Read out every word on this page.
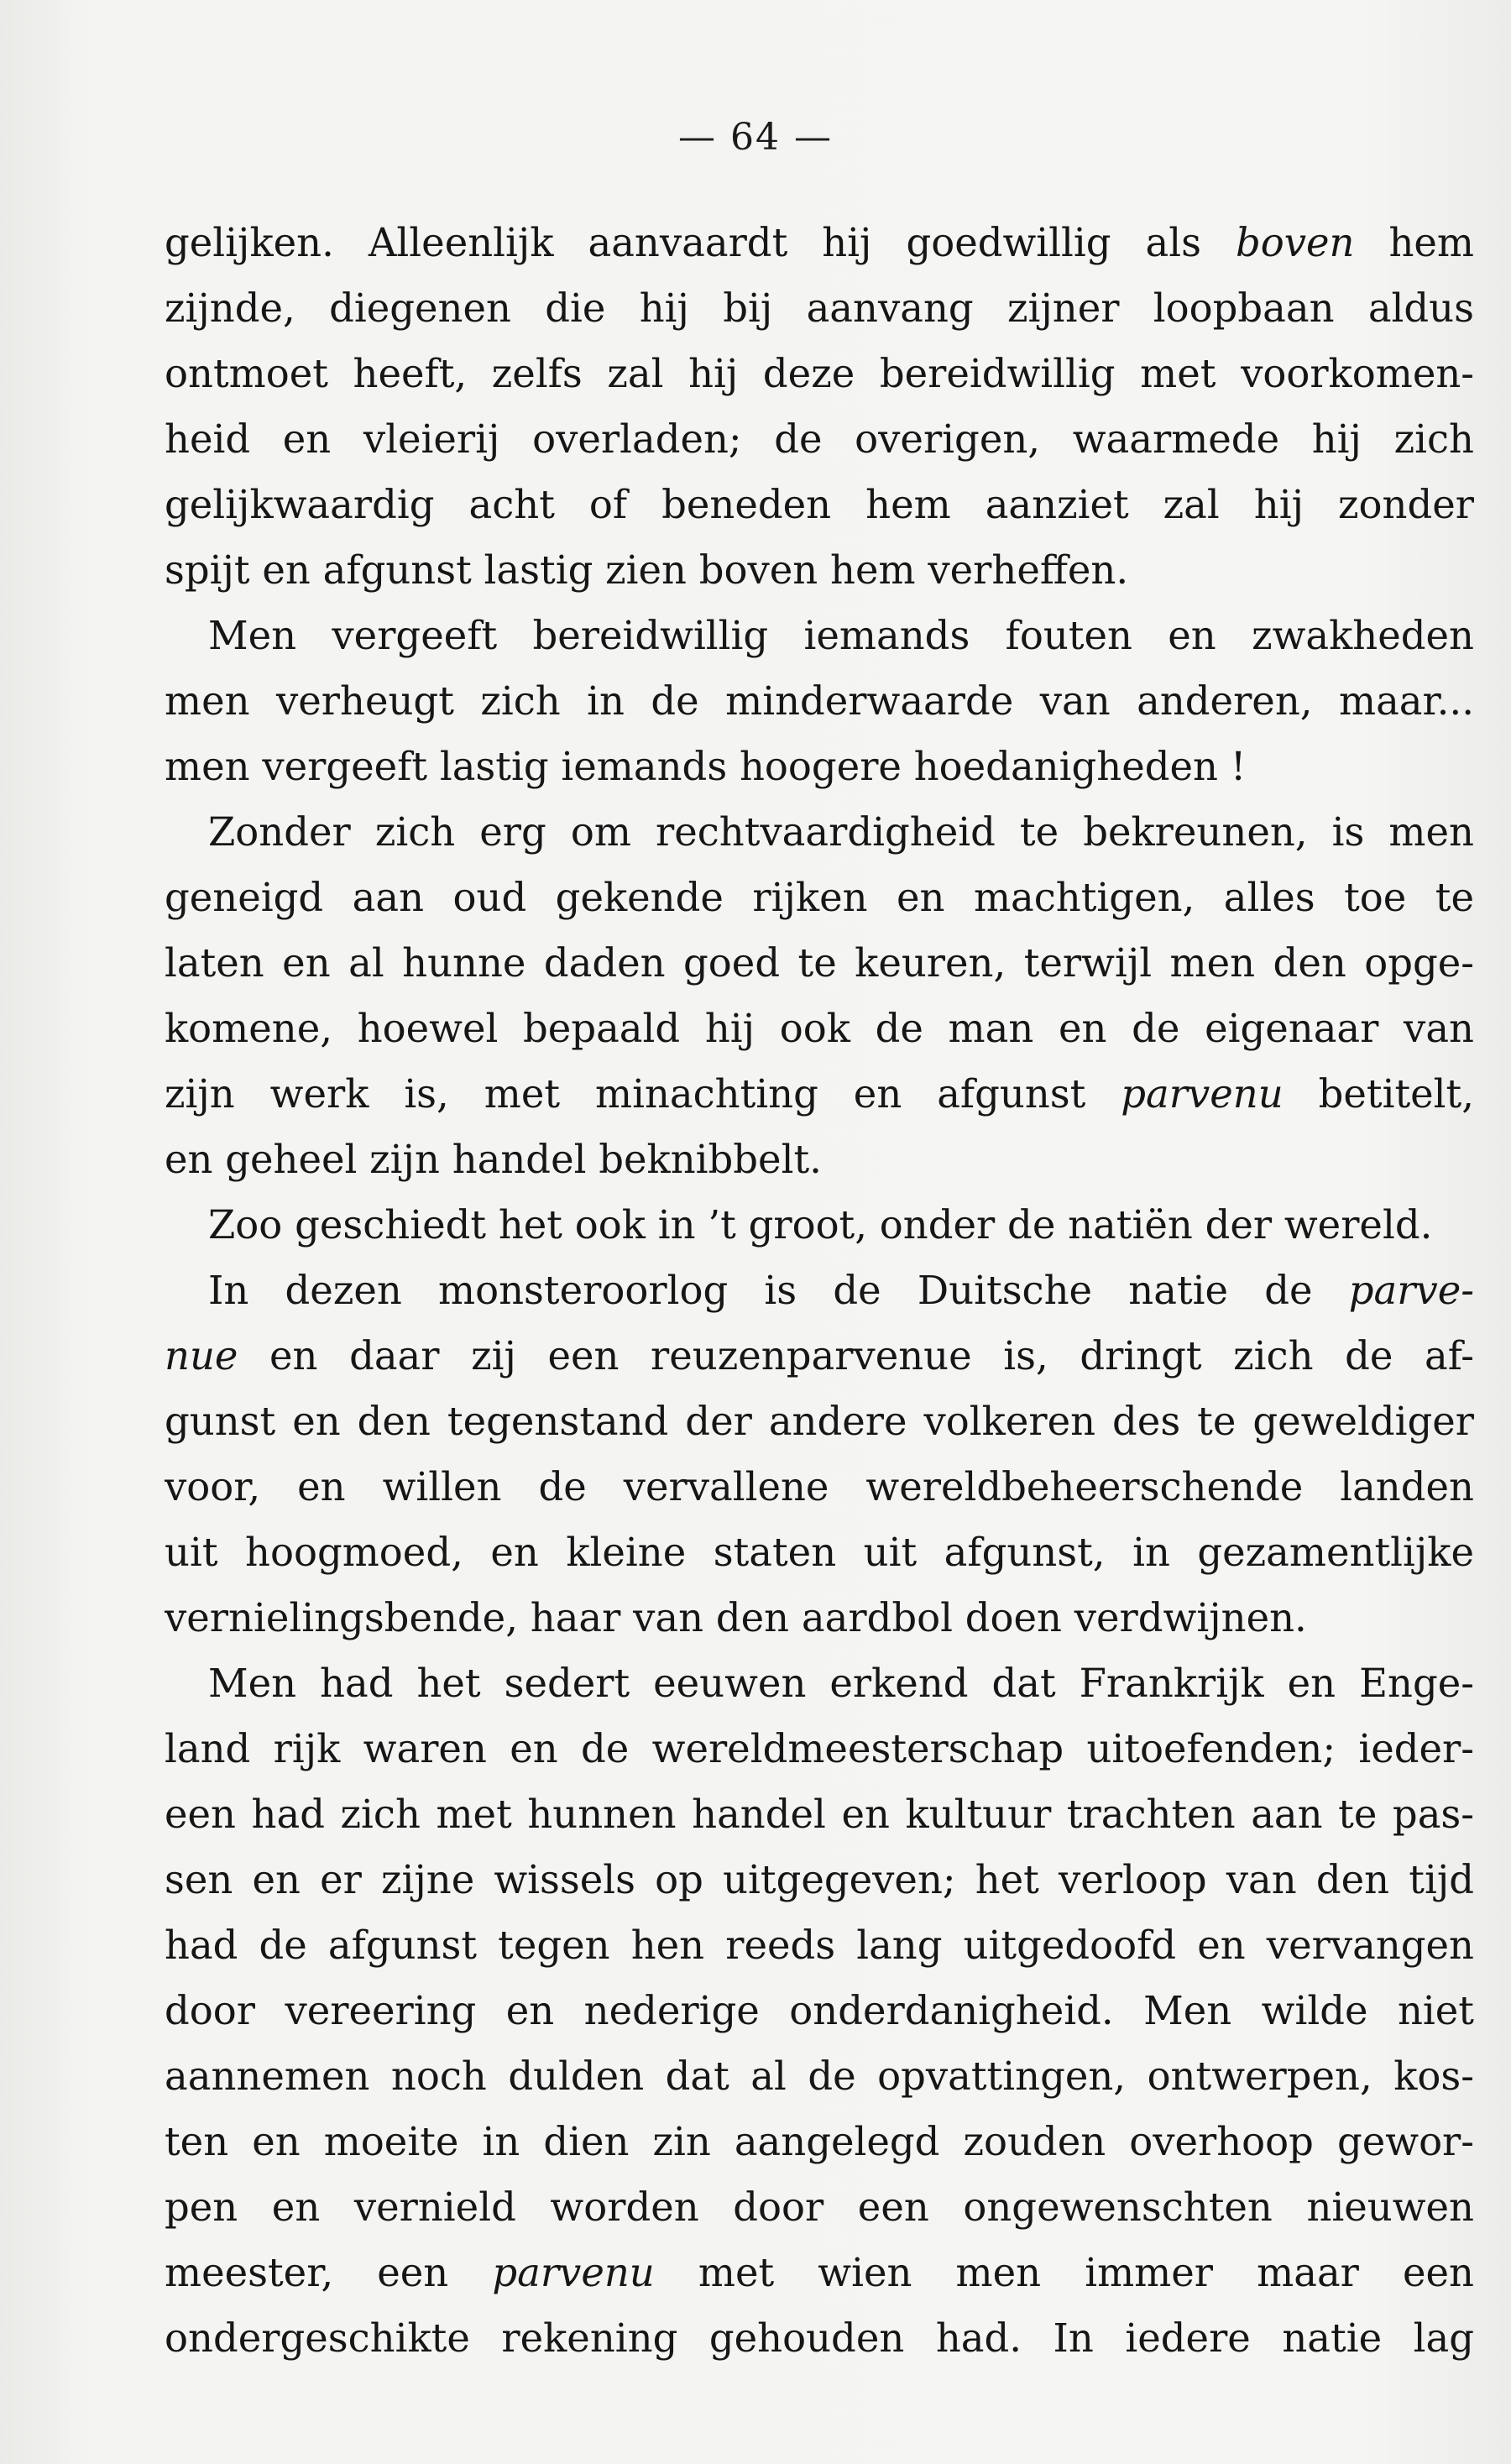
— 64 —
gelijken. Alleenlijk aanvaardt hij goedwillig als boven hem
zijnde, diegenen die hij bij aanvang zijner loopbaan aldus
ontmoet heeft, zelfs zal hij deze bereidwillig met voorkomen-
heid en vleierij overladen; de overigen, waarmede hij zich
gelijkwaardig acht of beneden hem aanziet zal hij zonder
spijt en afgunst lastig zien boven hem verheffen.
Men vergeeft bereidwillig iemands fouten en zwakheden
men verheugt zich in de minderwaarde van anderen, maar...
men vergeeft lastig iemands hoogere hoedanigheden !
Zonder zich erg om rechtvaardigheid te bekreunen, is men
geneigd aan oud gekende rijken en machtigen, alles toe te
laten en al hunne daden goed te keuren, terwijl men den opge-
komene, hoewel bepaald hij ook de man en de eigenaar van
zijn werk is, met minachting en afgunst parvenu betitelt,
en geheel zijn handel beknibbelt.
Zoo geschiedt het ook in ’t groot, onder de natiën der wereld.
In dezen monsteroorlog is de Duitsche natie de parve-
nue en daar zij een reuzenparvenue is, dringt zich de af-
gunst en den tegenstand der andere volkeren des te geweldiger
voor, en willen de vervallene wereldbeheerschende landen
uit hoogmoed, en kleine staten uit afgunst, in gezamentlijke
vernielingsbende, haar van den aardbol doen verdwijnen.
Men had het sedert eeuwen erkend dat Frankrijk en Enge-
land rijk waren en de wereldmeesterschap uitoefenden; ieder-
een had zich met hunnen handel en kultuur trachten aan te pas-
sen en er zijne wissels op uitgegeven; het verloop van den tijd
had de afgunst tegen hen reeds lang uitgedoofd en vervangen
door vereering en nederige onderdanigheid. Men wilde niet
aannemen noch dulden dat al de opvattingen, ontwerpen, kos-
ten en moeite in dien zin aangelegd zouden overhoop gewor-
pen en vernield worden door een ongewenschten nieuwen
meester, een parvenu met wien men immer maar een
ondergeschikte rekening gehouden had. In iedere natie lag
